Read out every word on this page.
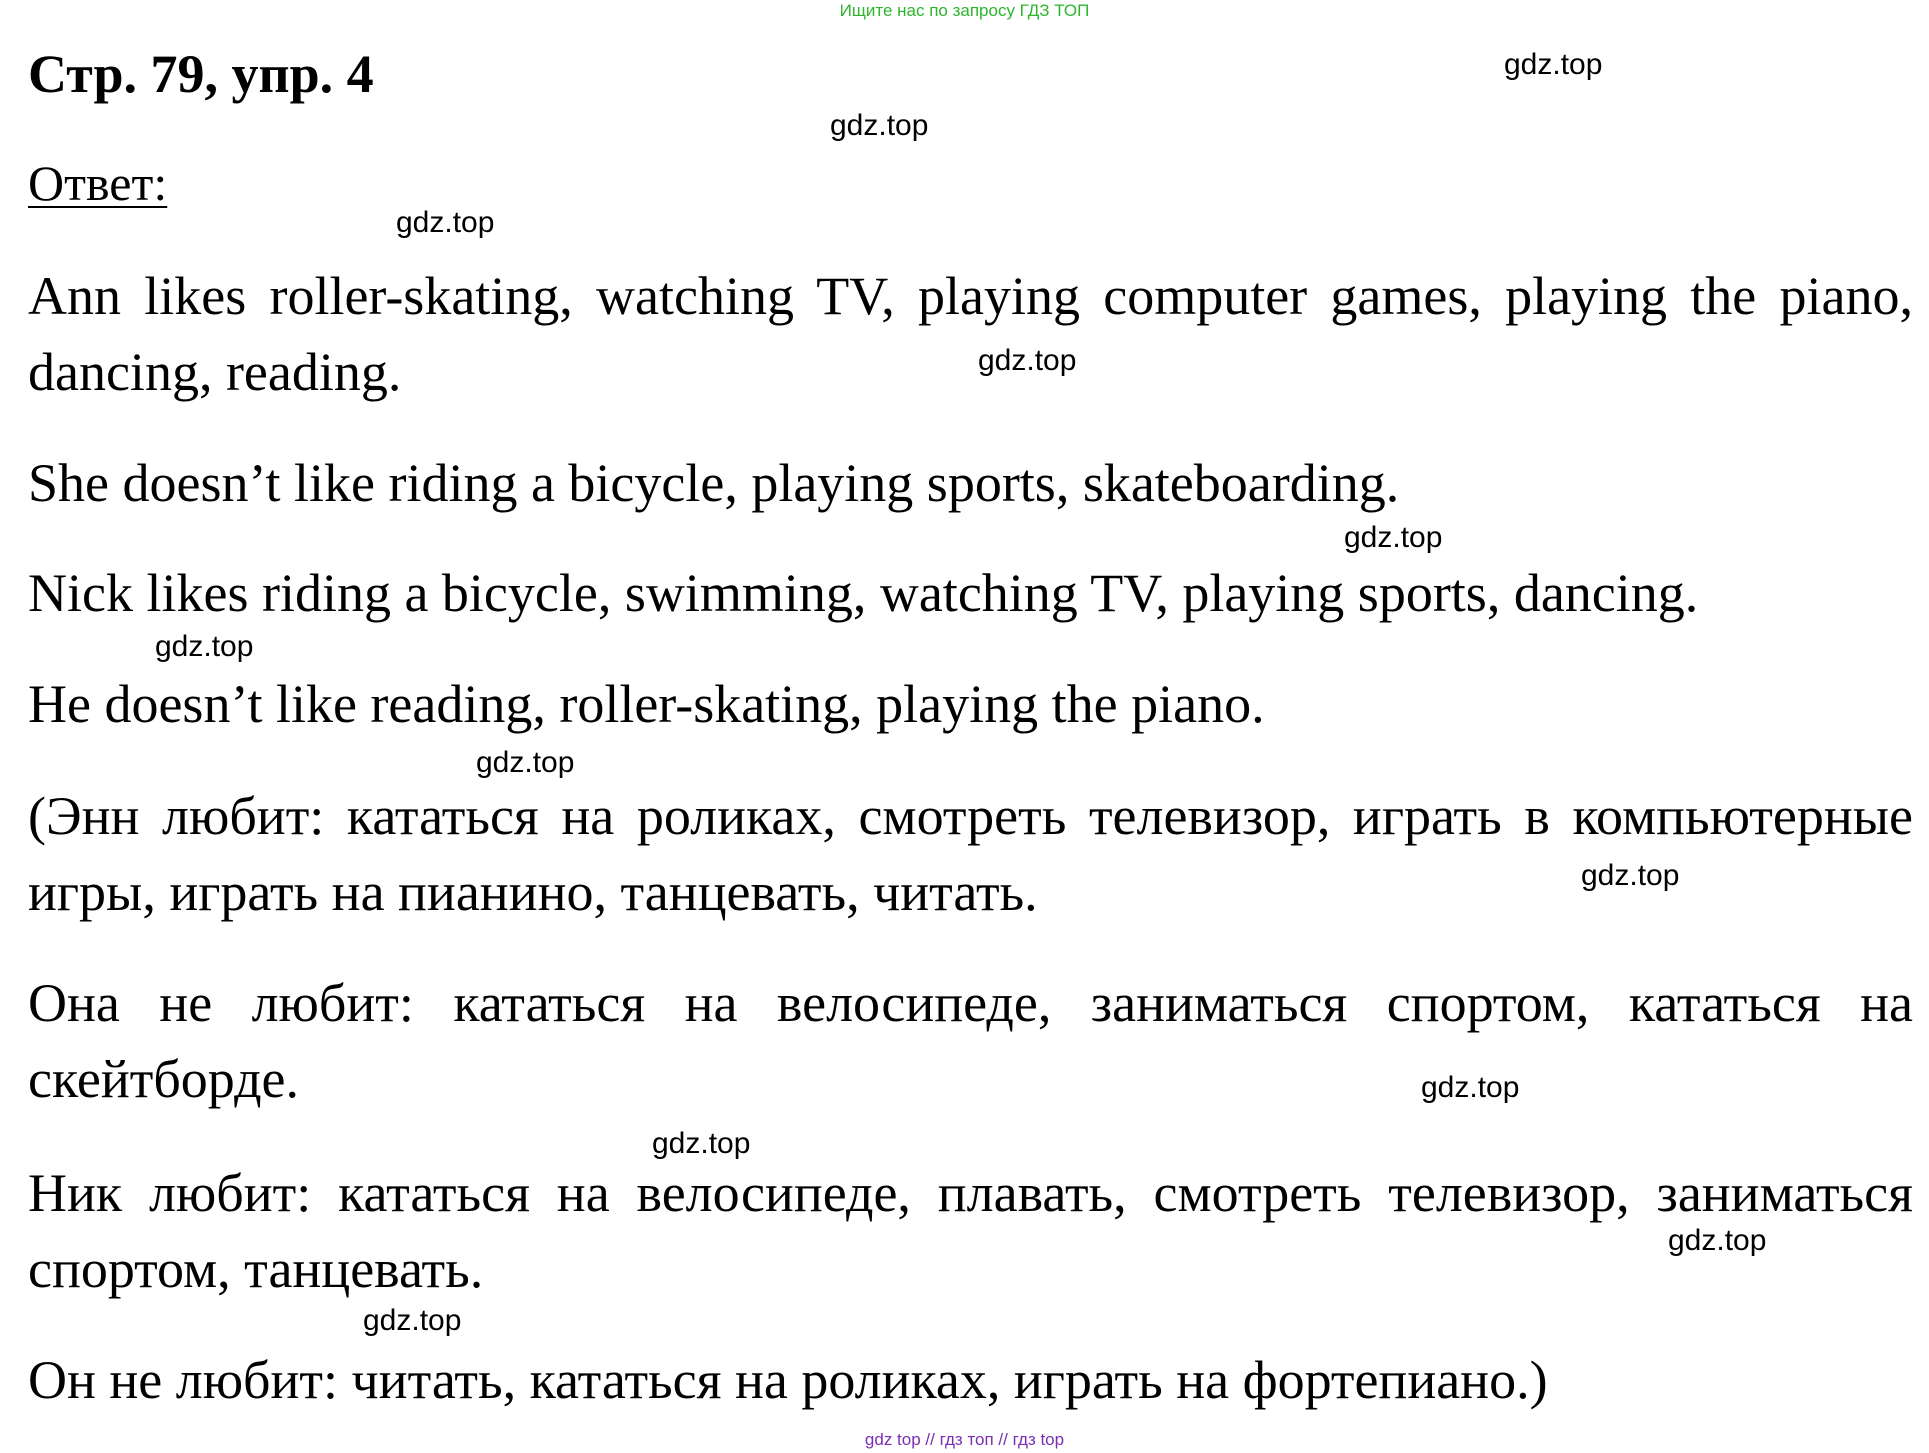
Ищите нас по запросу ГДЗ ТОП
Стр. 79, упр. 4
Ответ:
Ann likes roller-skating, watching TV, playing computer games, playing the piano, dancing, reading.
She doesn’t like riding a bicycle, playing sports, skateboarding.
Nick likes riding a bicycle, swimming, watching TV, playing sports, dancing.
He doesn’t like reading, roller-skating, playing the piano.
(Энн любит: кататься на роликах, смотреть телевизор, играть в компьютерные игры, играть на пианино, танцевать, читать.
Она не любит: кататься на велосипеде, заниматься спортом, кататься на скейтборде.
Ник любит: кататься на велосипеде, плавать, смотреть телевизор, заниматься спортом, танцевать.
Он не любит: читать, кататься на роликах, играть на фортепиано.)
gdz.top
gdz.top
gdz.top
gdz.top
gdz.top
gdz.top
gdz.top
gdz.top
gdz.top
gdz.top
gdz.top
gdz.top
gdz top // гдз топ // гдз top
